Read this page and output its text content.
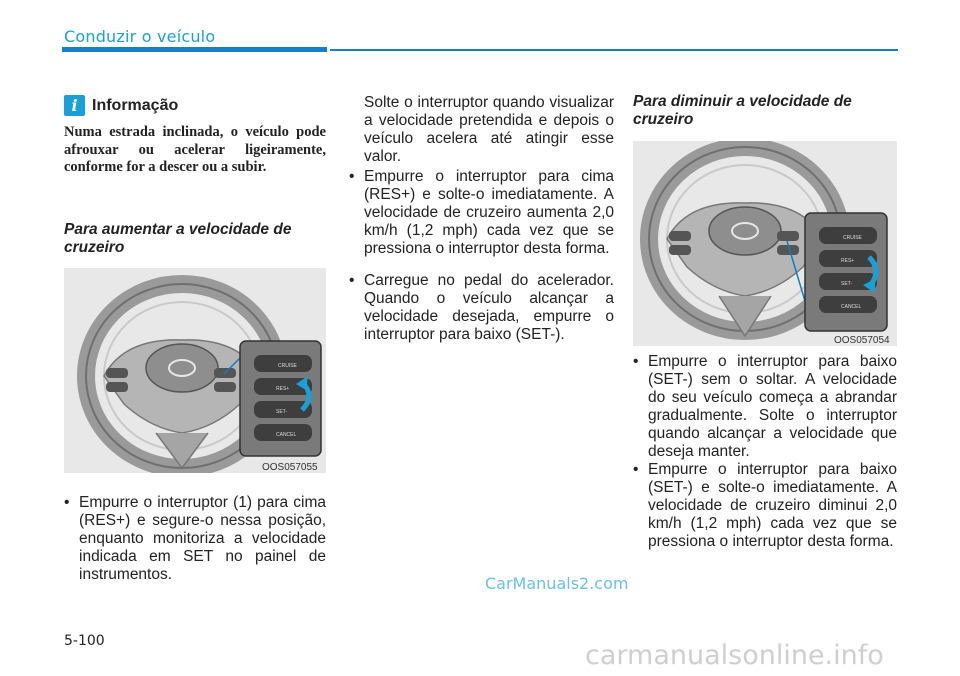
Conduzir o veículo
i Informação
Numa estrada inclinada, o veículo pode afrouxar ou acelerar ligeiramente, conforme for a descer ou a subir.
Para aumentar a velocidade de cruzeiro
CRUISE
RES+
SET-
CANCEL
OOS057055
• Empurre o interruptor (1) para cima (RES+) e segure-o nessa posição, enquanto monitoriza a velocidade indicada em SET no painel de instrumentos.
Solte o interruptor quando visualizar a velocidade pretendida e depois o veículo acelera até atingir esse valor.
• Empurre o interruptor para cima (RES+) e solte-o imediatamente. A velocidade de cruzeiro aumenta 2,0 km/h (1,2 mph) cada vez que se pressiona o interruptor desta forma.
• Carregue no pedal do acelerador. Quando o veículo alcançar a velocidade desejada, empurre o interruptor para baixo (SET-).
Para diminuir a velocidade de cruzeiro
CRUISE
RES+
SET-
CANCEL
OOS057054
• Empurre o interruptor para baixo (SET-) sem o soltar. A velocidade do seu veículo começa a abrandar gradualmente. Solte o interruptor quando alcançar a velocidade que deseja manter.
• Empurre o interruptor para baixo (SET-) e solte-o imediatamente. A velocidade de cruzeiro diminui 2,0 km/h (1,2 mph) cada vez que se pressiona o interruptor desta forma.
CarManuals2.com
5-100	carmanualsonline.info
